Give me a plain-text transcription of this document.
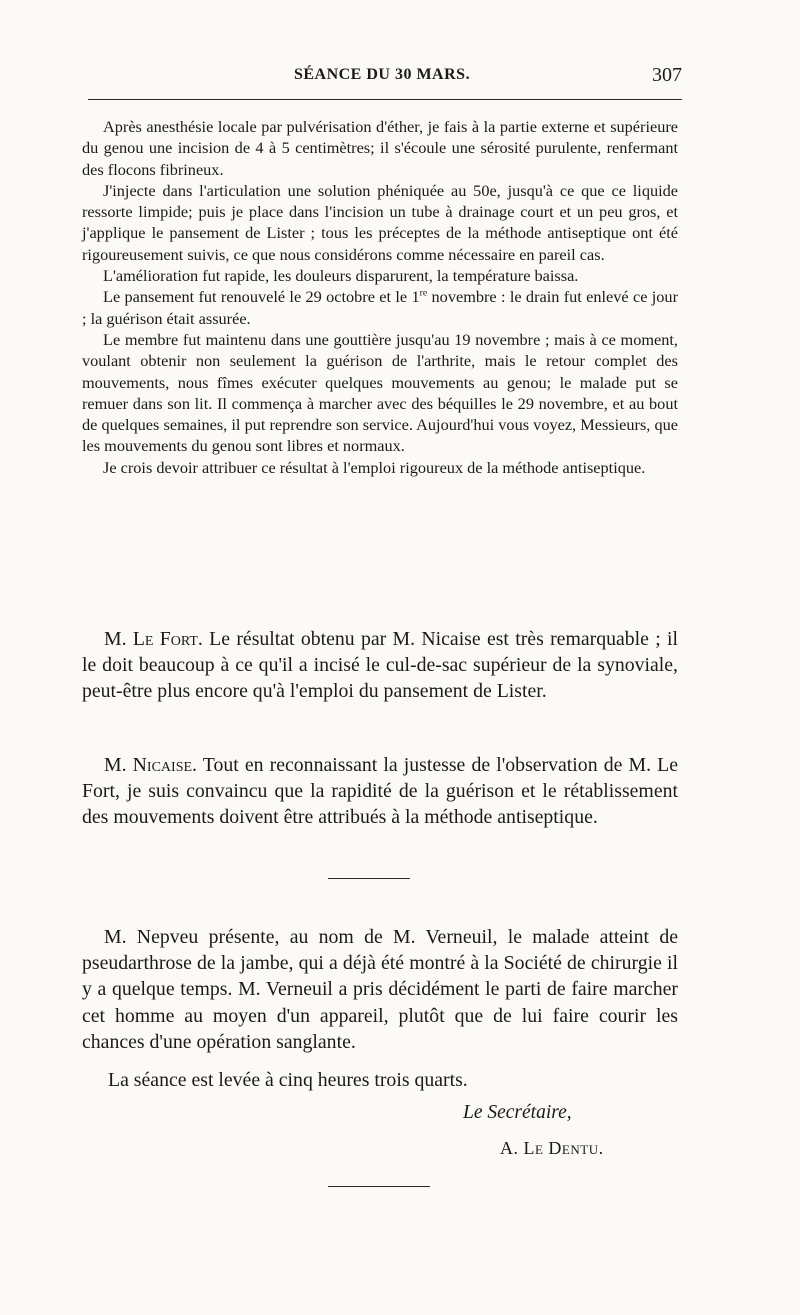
SÉANCE DU 30 MARS.	307

Après anesthésie locale par pulvérisation d'éther, je fais à la partie externe et supérieure du genou une incision de 4 à 5 centimètres; il s'écoule une sérosité purulente, renfermant des flocons fibrineux.

J'injecte dans l'articulation une solution phéniquée au 50e, jusqu'à ce que ce liquide ressorte limpide; puis je place dans l'incision un tube à drainage court et un peu gros, et j'applique le pansement de Lister ; tous les préceptes de la méthode antiseptique ont été rigoureusement suivis, ce que nous considérons comme nécessaire en pareil cas.

L'amélioration fut rapide, les douleurs disparurent, la température baissa.

Le pansement fut renouvelé le 29 octobre et le 1re novembre : le drain fut enlevé ce jour ; la guérison était assurée.

Le membre fut maintenu dans une gouttière jusqu'au 19 novembre ; mais à ce moment, voulant obtenir non seulement la guérison de l'arthrite, mais le retour complet des mouvements, nous fîmes exécuter quelques mouvements au genou; le malade put se remuer dans son lit. Il commença à marcher avec des béquilles le 29 novembre, et au bout de quelques semaines, il put reprendre son service. Aujourd'hui vous voyez, Messieurs, que les mouvements du genou sont libres et normaux.

Je crois devoir attribuer ce résultat à l'emploi rigoureux de la méthode antiseptique.

M. Le Fort. Le résultat obtenu par M. Nicaise est très remarquable ; il le doit beaucoup à ce qu'il a incisé le cul-de-sac supérieur de la synoviale, peut-être plus encore qu'à l'emploi du pansement de Lister.

M. Nicaise. Tout en reconnaissant la justesse de l'observation de M. Le Fort, je suis convaincu que la rapidité de la guérison et le rétablissement des mouvements doivent être attribués à la méthode antiseptique.

M. Nepveu présente, au nom de M. Verneuil, le malade atteint de pseudarthrose de la jambe, qui a déjà été montré à la Société de chirurgie il y a quelque temps. M. Verneuil a pris décidément le parti de faire marcher cet homme au moyen d'un appareil, plutôt que de lui faire courir les chances d'une opération sanglante.

La séance est levée à cinq heures trois quarts.

Le Secrétaire,
A. Le Dentu.
